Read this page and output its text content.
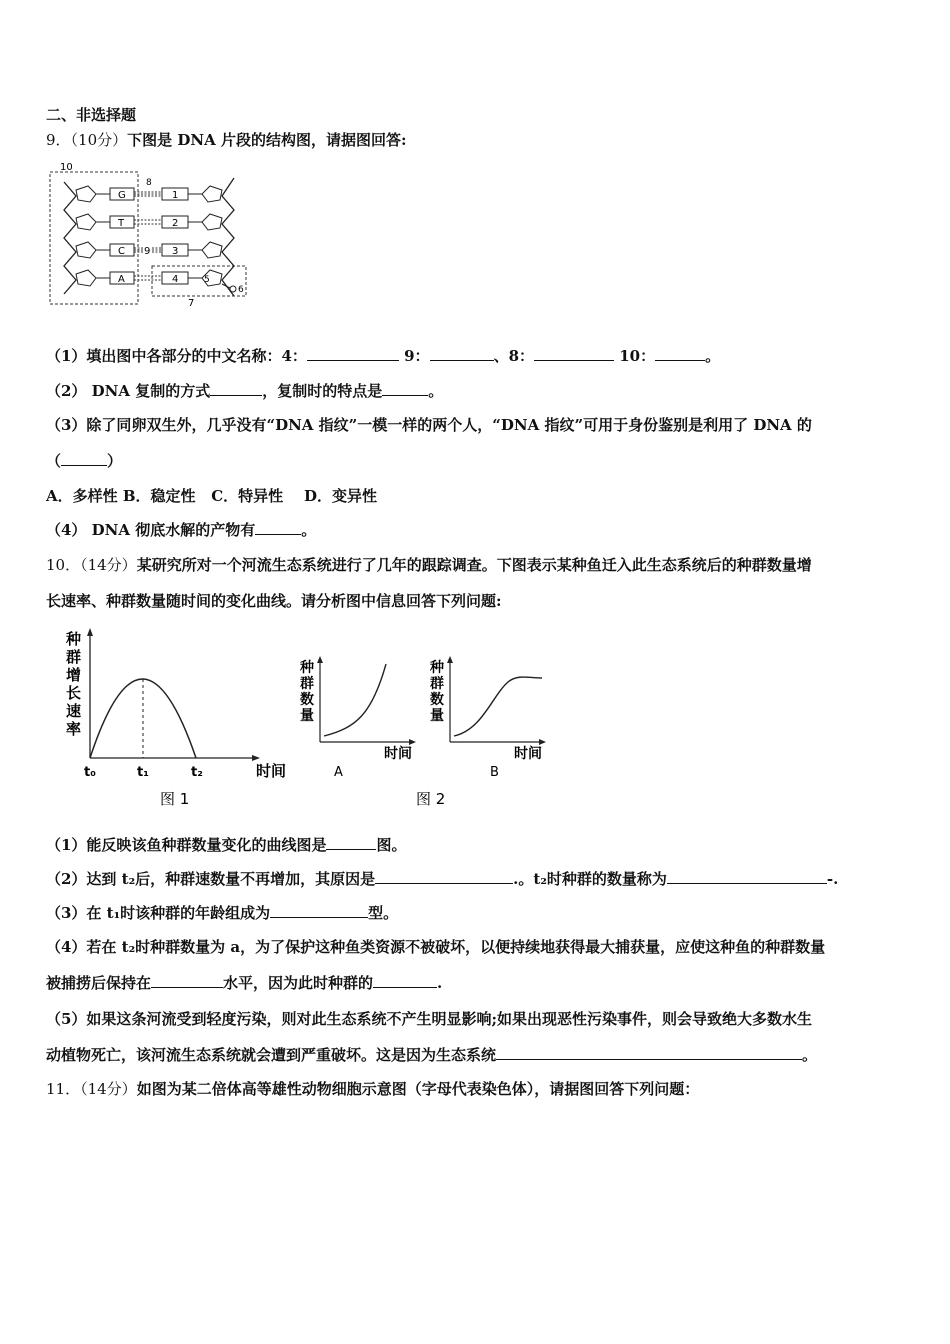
二、非选择题
9．（10分）下图是 DNA 片段的结构图，请据图回答:
10
G
T
C
A
1
2
3
4
8
9
7
5
6
（1）填出图中各部分的中文名称：4：	9：	、8：	10：	。
（2） DNA 复制的方式	，复制时的特点是	。
（3）除了同卵双生外，几乎没有“DNA 指纹”一模一样的两个人，“DNA 指纹”可用于身份鉴别是利用了 DNA 的
（	）
A．多样性 B．稳定性   C．特异性    D．变异性
（4） DNA 彻底水解的产物有	。
10．（14分）某研究所对一个河流生态系统进行了几年的跟踪调查。下图表示某种鱼迁入此生态系统后的种群数量增
长速率、种群数量随时间的变化曲线。请分析图中信息回答下列问题:
种
群
增
长
速
率
t₀	t₁	t₂	时间
图 1
种
群
数
量
时间
A
种
群
数
量
时间
B
图 2
（1）能反映该鱼种群数量变化的曲线图是	图。
（2）达到 t₂后，种群速数量不再增加，其原因是	.。t₂时种群的数量称为	-.
（3）在 t₁时该种群的年龄组成为	型。
（4）若在 t₂时种群数量为 a，为了保护这种鱼类资源不被破坏，以便持续地获得最大捕获量，应使这种鱼的种群数量
被捕捞后保持在	水平，因为此时种群的	.
（5）如果这条河流受到轻度污染，则对此生态系统不产生明显影响;如果出现恶性污染事件，则会导致绝大多数水生
动植物死亡，该河流生态系统就会遭到严重破坏。这是因为生态系统	。
11．（14分）如图为某二倍体高等雄性动物细胞示意图（字母代表染色体），请据图回答下列问题：
